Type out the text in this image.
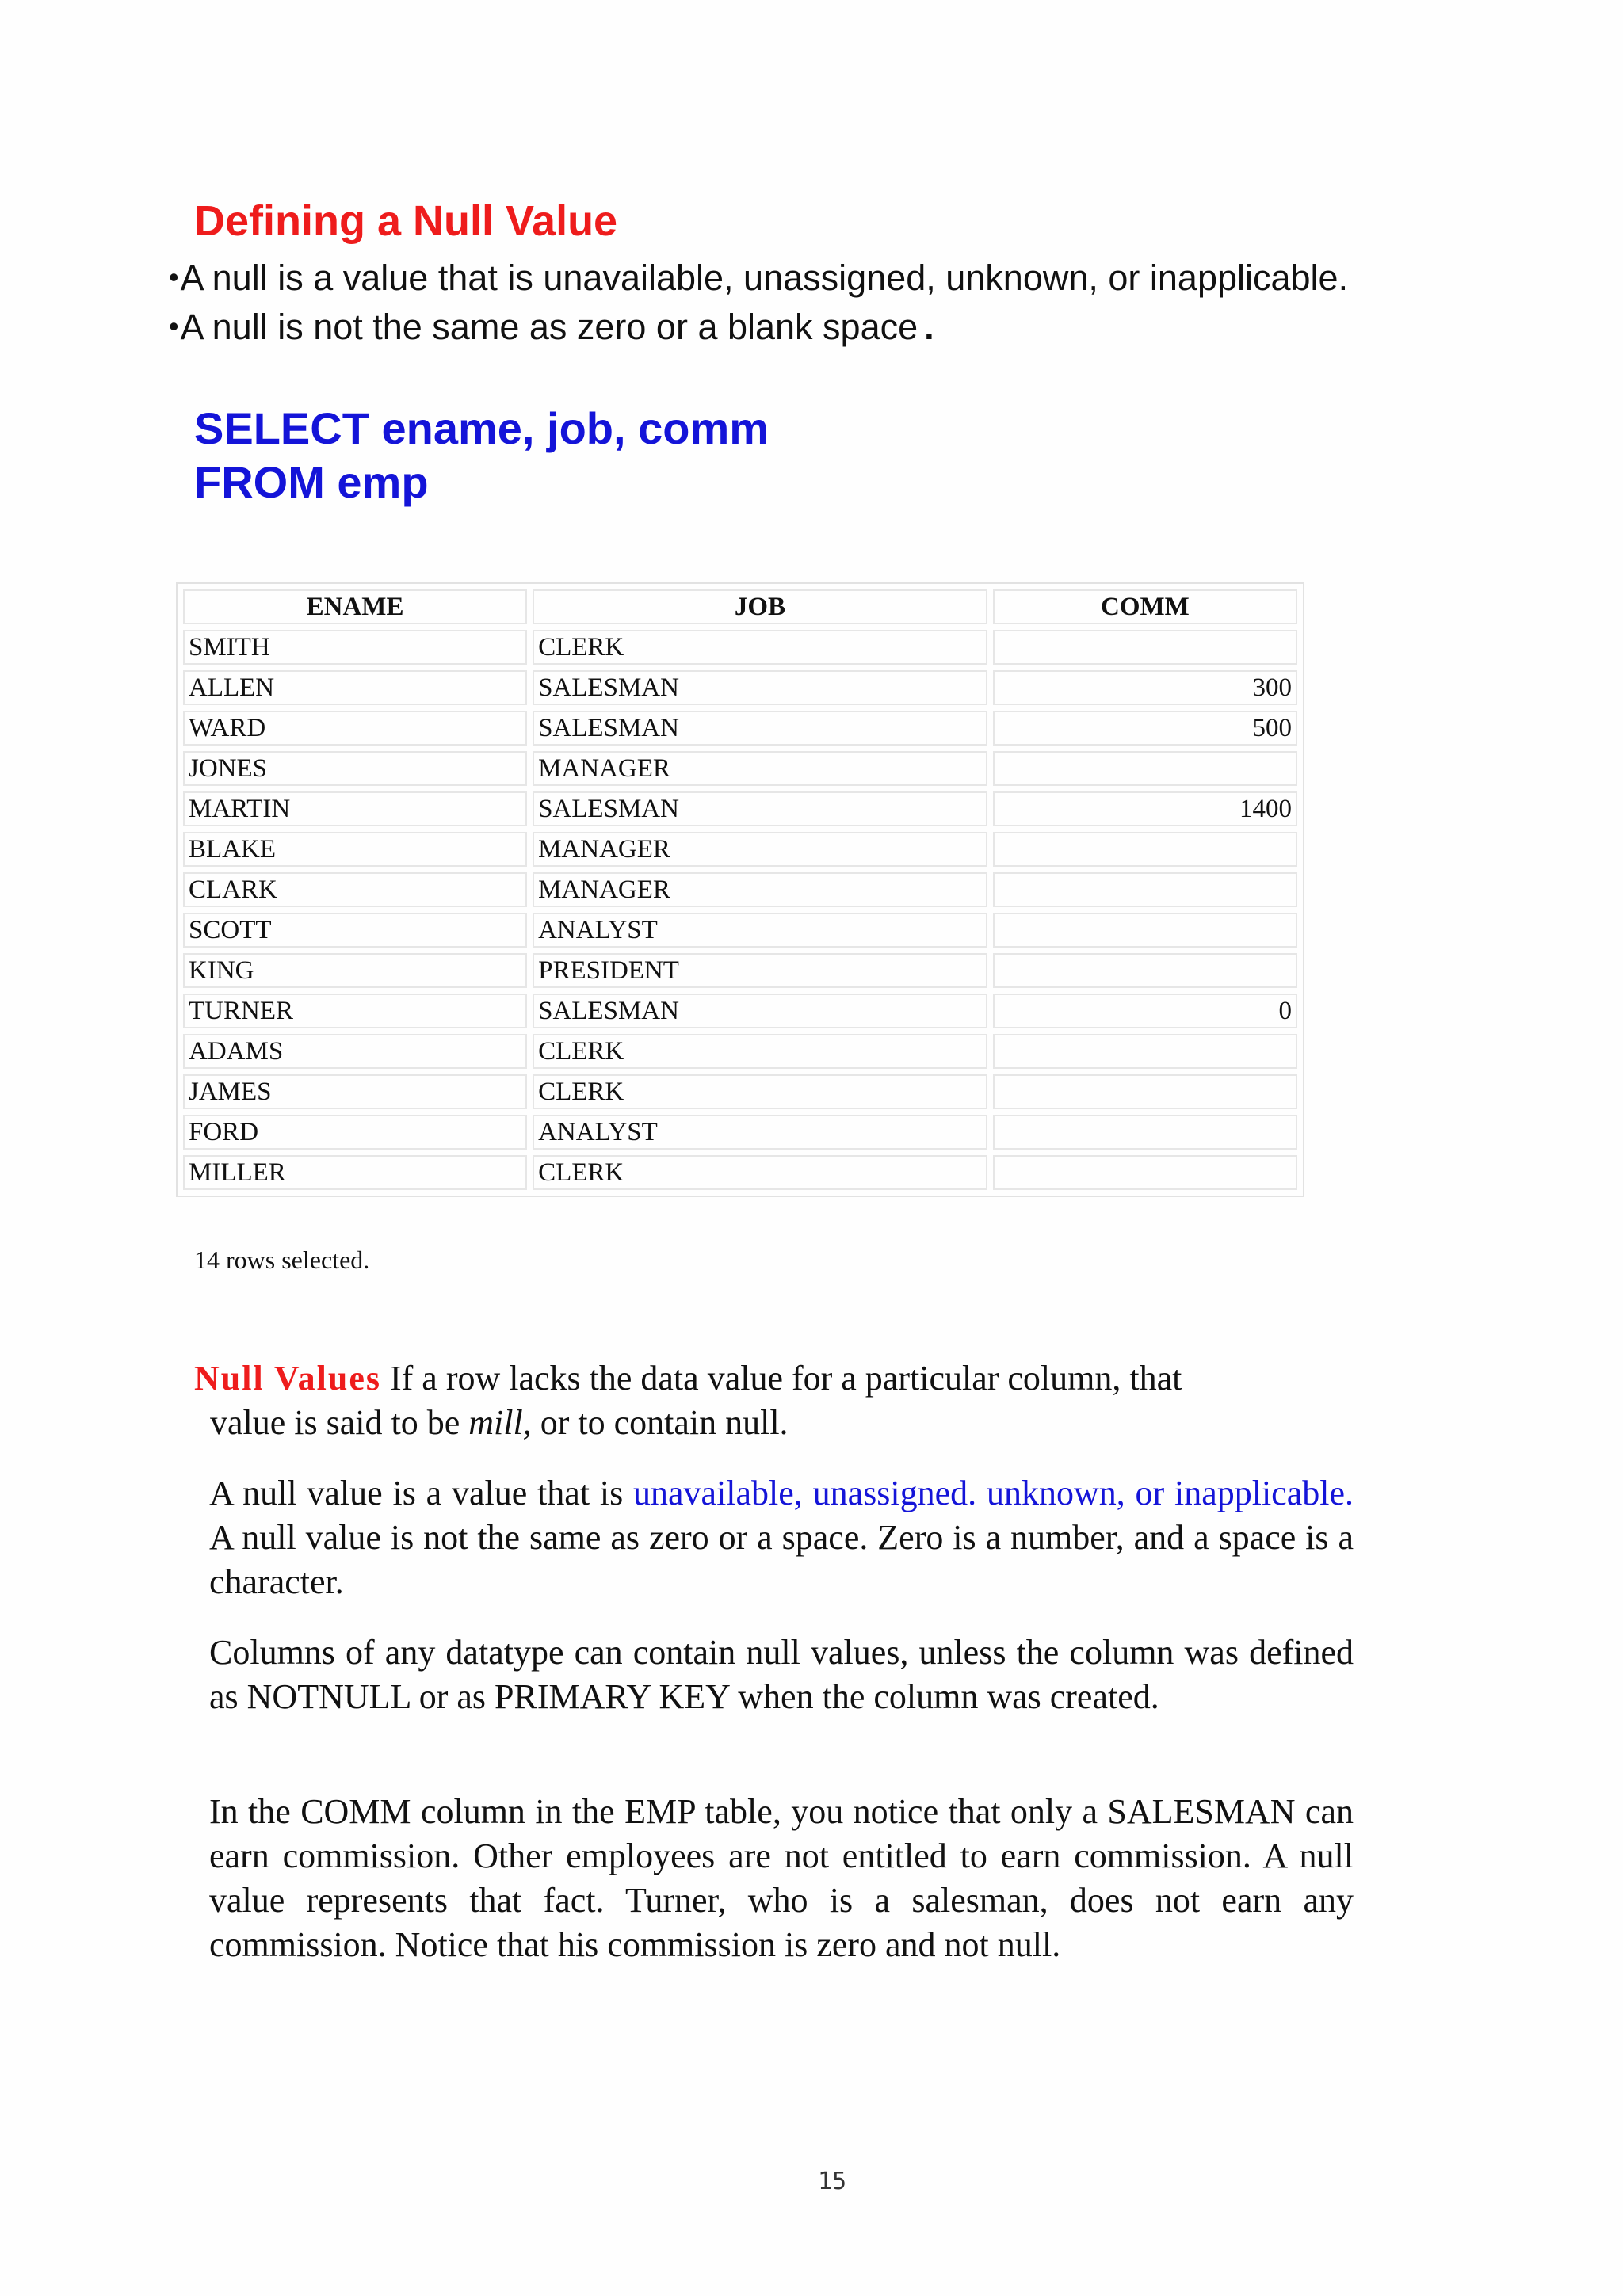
Defining a Null Value
•A null is a value that is unavailable, unassigned, unknown, or inapplicable.
•A null is not the same as zero or a blank space .
SELECT ename, job, comm
FROM emp
ENAME	JOB	COMM
SMITH	CLERK	
ALLEN	SALESMAN	300
WARD	SALESMAN	500
JONES	MANAGER	
MARTIN	SALESMAN	1400
BLAKE	MANAGER	
CLARK	MANAGER	
SCOTT	ANALYST	
KING	PRESIDENT	
TURNER	SALESMAN	0
ADAMS	CLERK	
JAMES	CLERK	
FORD	ANALYST	
MILLER	CLERK	
14 rows selected.

Null Values If a row lacks the data value for a particular column, that
value is said to be mill, or to contain null.

A null value is a value that is unavailable, unassigned. unknown, or inapplicable. A null value is not the same as zero or a space. Zero is a number, and a space is a character.

Columns of any datatype can contain null values, unless the column was defined as NOTNULL or as PRIMARY KEY when the column was created.

In the COMM column in the EMP table, you notice that only a SALESMAN can earn commission. Other employees are not entitled to earn commission. A null value represents that fact. Turner, who is a salesman, does not earn any commission. Notice that his commission is zero and not null.

15
